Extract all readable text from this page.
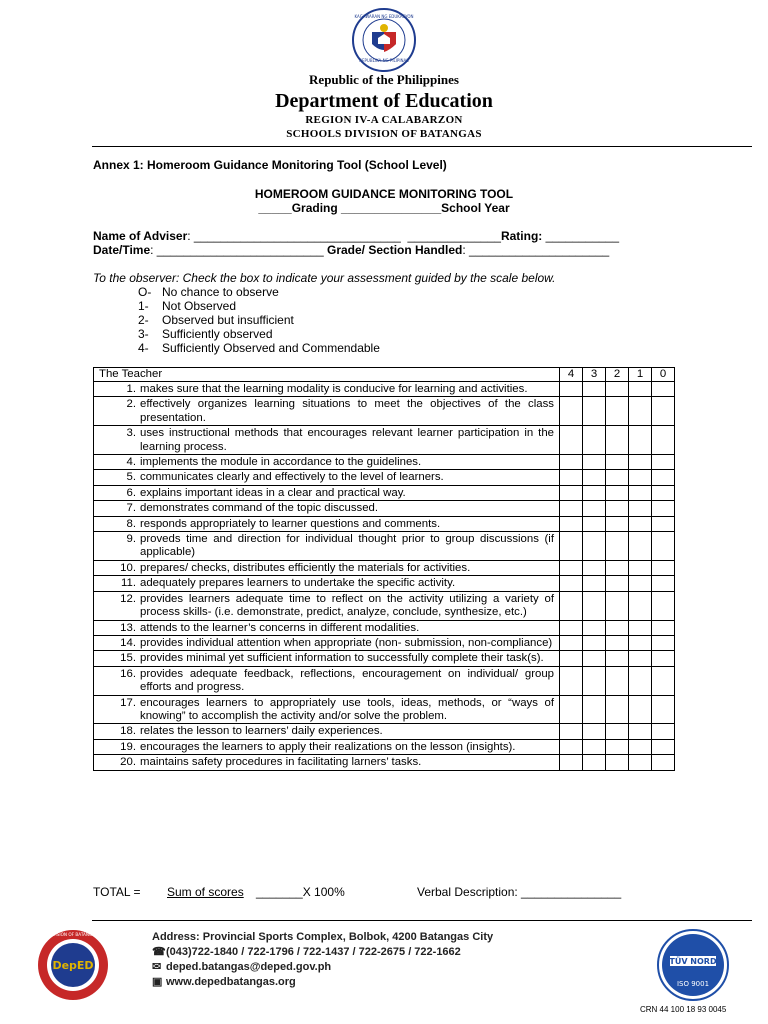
REPUBLIKA NG PILIPINAS
KAGAWARAN NG EDUKASYON
Republic of the Philippines
Department of Education
REGION IV-A CALABARZON
SCHOOLS DIVISION OF BATANGAS
Annex 1: Homeroom Guidance Monitoring Tool (School Level)
HOMEROOM GUIDANCE MONITORING TOOL
_____Grading _______________School Year
Name of Adviser: _______________________________  ______________Rating: ___________
Date/Time: _________________________ Grade/ Section Handled: _____________________
To the observer: Check the box to indicate your assessment guided by the scale below.
O- No chance to observe
1- Not Observed
2- Observed but insufficient
3- Sufficiently observed
4- Sufficiently Observed and Commendable
The Teacher	4	3	2	1	0

1. makes sure that the learning modality is conducive for learning and activities.					

2. effectively organizes learning situations to meet the objectives of the class presentation.					

3. uses instructional methods that encourages relevant learner participation in the learning process.					

4. implements the module in accordance to the guidelines.					

5. communicates clearly and effectively to the level of learners.					

6. explains important ideas in a clear and practical way.					

7. demonstrates command of the topic discussed.					

8. responds appropriately to learner questions and comments.					

9. proveds time and direction for individual thought prior to group discussions (if applicable)					

10. prepares/ checks, distributes efficiently the materials for activities.					

11. adequately prepares learners to undertake the specific activity.					

12. provides learners adequate time to reflect on the activity utilizing a variety of process skills- (i.e. demonstrate, predict, analyze, conclude, synthesize, etc.)					

13. attends to the learner’s concerns in different modalities.					

14. provides individual attention when appropriate (non- submission, non-compliance)					

15. provides minimal yet sufficient information to successfully complete their task(s).					

16. provides adequate feedback, reflections, encouragement on individual/ group efforts and progress.					

17. encourages learners to appropriately use tools, ideas, methods, or “ways of knowing” to accomplish the activity and/or solve the problem.					

18. relates the lesson to learners’ daily experiences.					

19. encourages the learners to apply their realizations on the lesson (insights).					

20. maintains safety procedures in facilitating larners’ tasks.					

TOTAL = Sum of scores _______X 100%	Verbal Description: _______________
DepED
DIVISION OF BATANGAS	Address: Provincial Sports Complex, Bolbok, 4200 Batangas City
☎(043)722-1840 / 722-1796 / 722-1437 / 722-2675 / 722-1662
✉ deped.batangas@deped.gov.ph
▣ www.depedbatangas.org
TÜV NORD
ISO 9001
CRN 44 100 18 93 0045
